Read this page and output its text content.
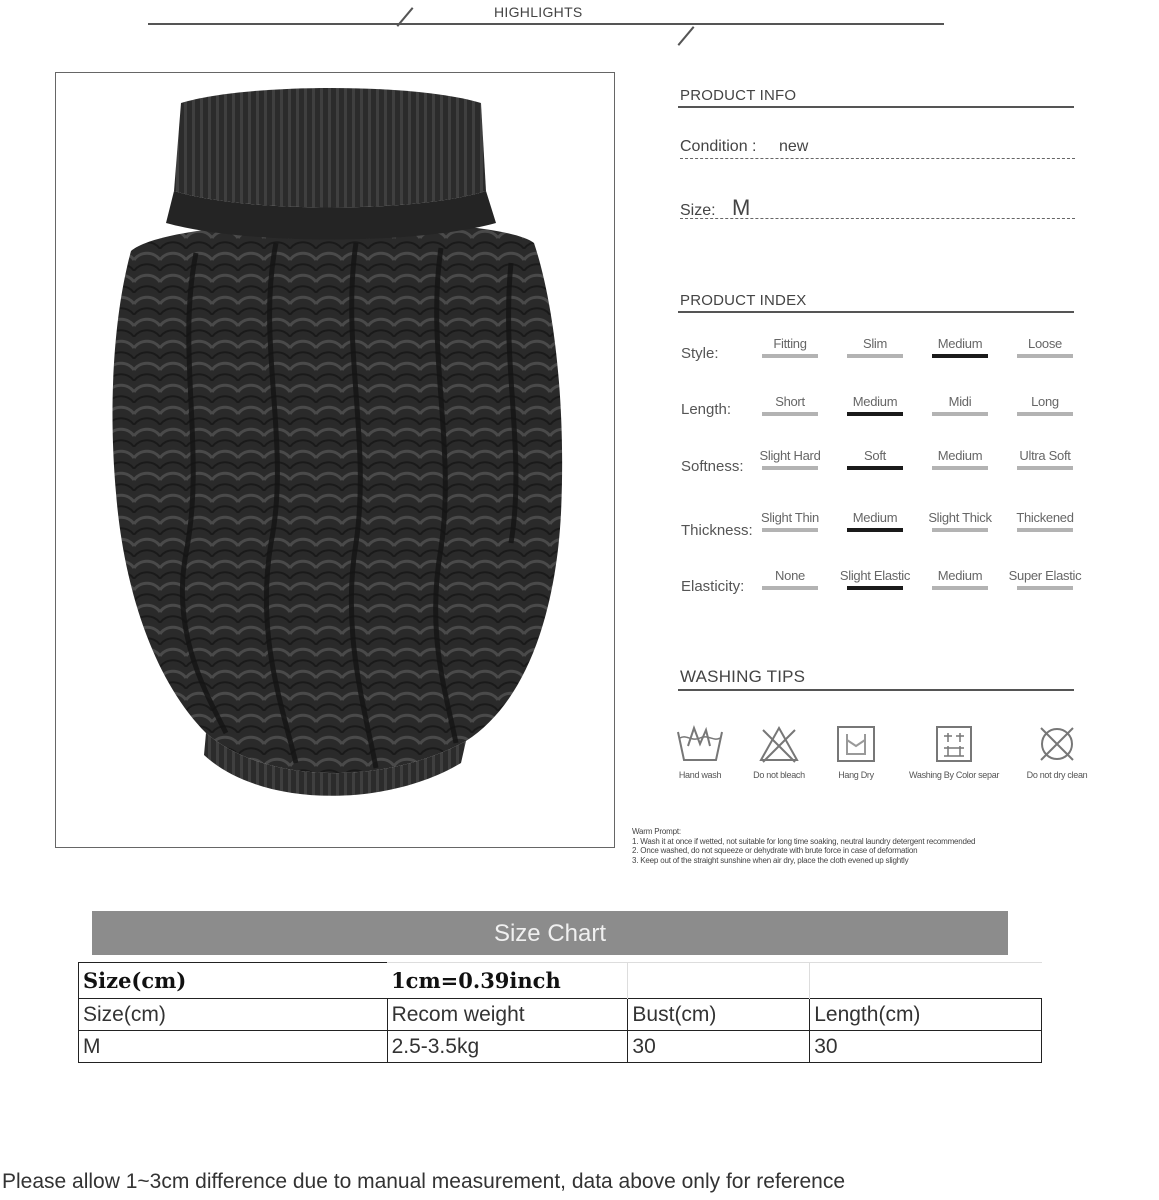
HIGHLIGHTS
PRODUCT INFO
Condition : new
Size: M
PRODUCT INDEX
Style:
Fitting	Slim	Medium	Loose
Length:	Short	Medium	Midi	Long
Softness:
Slight Hard	Soft	Medium	Ultra Soft
Thickness:
Slight Thin	Medium	Slight Thick	Thickened
Elasticity:
None	Slight Elastic	Medium	Super Elastic
WASHING TIPS
Hand wash	Do not bleach	Hang Dry	Washing By Color separ	Do not dry clean
Warm Prompt:
1. Wash it at once if wetted, not suitable for long time soaking, neutral laundry detergent recommended
2. Once washed, do not squeeze or dehydrate with brute force in case of deformation
3. Keep out of the straight sunshine when air dry, place the cloth evened up slightly
Size Chart
Size(cm)	1cm=0.39inch		
Size(cm)	Recom weight	Bust(cm)	Length(cm)
M	2.5-3.5kg	30	30
Please allow 1~3cm difference due to manual measurement, data above only for reference
